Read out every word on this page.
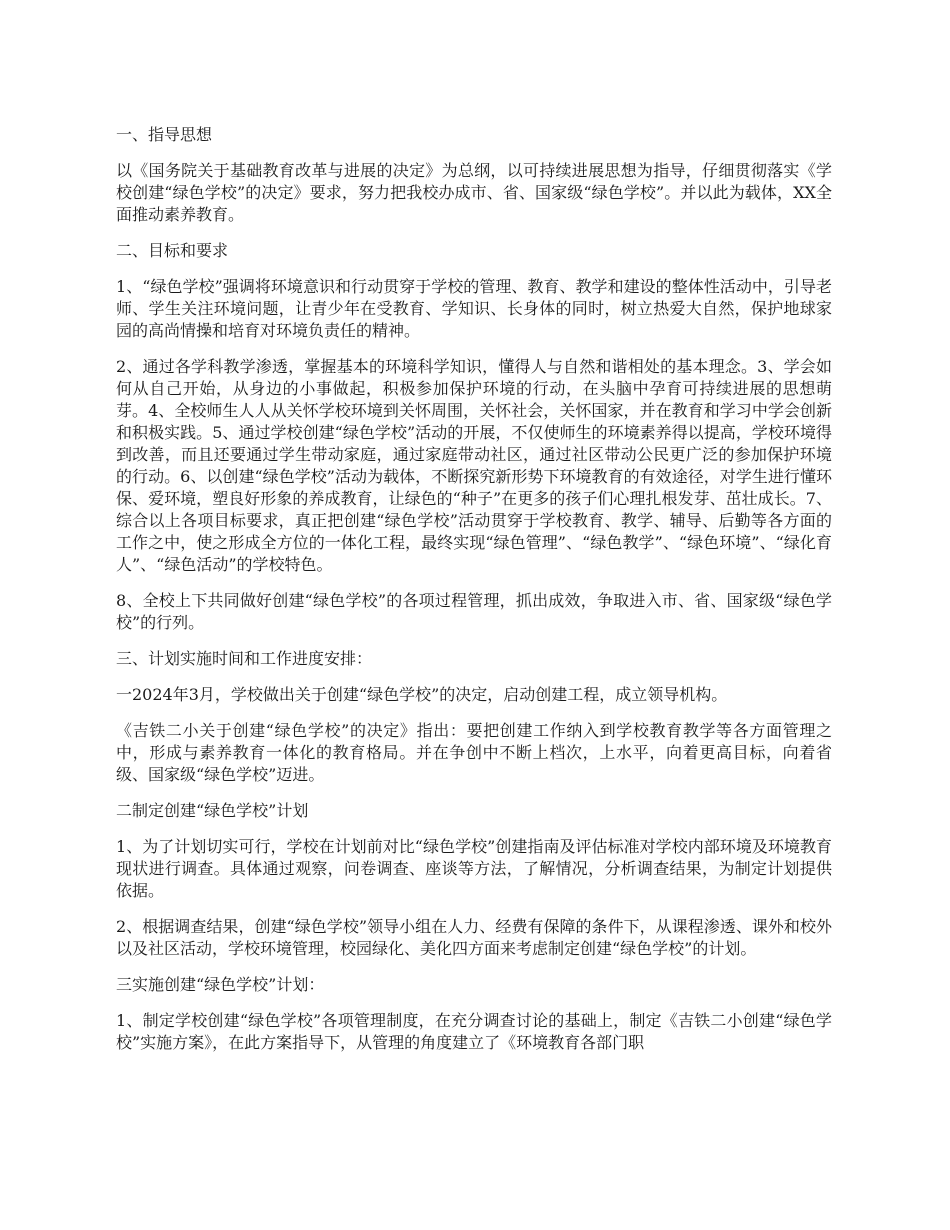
一、指导思想

以《国务院关于基础教育改革与进展的决定》为总纲，以可持续进展思想为指导，仔细贯彻落实《学校创建“绿色学校”的决定》要求，努力把我校办成市、省、国家级“绿色学校”。并以此为载体，XX全面推动素养教育。

二、目标和要求

1、“绿色学校”强调将环境意识和行动贯穿于学校的管理、教育、教学和建设的整体性活动中，引导老师、学生关注环境问题，让青少年在受教育、学知识、长身体的同时，树立热爱大自然，保护地球家园的高尚情操和培育对环境负责任的精神。

2、通过各学科教学渗透，掌握基本的环境科学知识，懂得人与自然和谐相处的基本理念。3、学会如何从自己开始，从身边的小事做起，积极参加保护环境的行动，在头脑中孕育可持续进展的思想萌芽。4、全校师生人人从关怀学校环境到关怀周围，关怀社会，关怀国家，并在教育和学习中学会创新和积极实践。5、通过学校创建“绿色学校”活动的开展，不仅使师生的环境素养得以提高，学校环境得到改善，而且还要通过学生带动家庭，通过家庭带动社区，通过社区带动公民更广泛的参加保护环境的行动。6、以创建“绿色学校”活动为载体，不断探究新形势下环境教育的有效途径，对学生进行懂环保、爱环境，塑良好形象的养成教育，让绿色的“种子”在更多的孩子们心理扎根发芽、茁壮成长。7、综合以上各项目标要求，真正把创建“绿色学校”活动贯穿于学校教育、教学、辅导、后勤等各方面的工作之中，使之形成全方位的一体化工程，最终实现“绿色管理”、“绿色教学”、“绿色环境”、“绿化育人”、“绿色活动”的学校特色。

8、全校上下共同做好创建“绿色学校”的各项过程管理，抓出成效，争取进入市、省、国家级“绿色学校”的行列。

三、计划实施时间和工作进度安排：

一2024年3月，学校做出关于创建“绿色学校”的决定，启动创建工程，成立领导机构。

《吉铁二小关于创建“绿色学校”的决定》指出：要把创建工作纳入到学校教育教学等各方面管理之中，形成与素养教育一体化的教育格局。并在争创中不断上档次，上水平，向着更高目标，向着省级、国家级“绿色学校”迈进。

二制定创建“绿色学校”计划

1、为了计划切实可行，学校在计划前对比“绿色学校”创建指南及评估标准对学校内部环境及环境教育现状进行调查。具体通过观察，问卷调查、座谈等方法，了解情况，分析调查结果，为制定计划提供依据。

2、根据调查结果，创建“绿色学校”领导小组在人力、经费有保障的条件下，从课程渗透、课外和校外以及社区活动，学校环境管理，校园绿化、美化四方面来考虑制定创建“绿色学校”的计划。

三实施创建“绿色学校”计划：

1、制定学校创建“绿色学校”各项管理制度，在充分调查讨论的基础上，制定《吉铁二小创建“绿色学校”实施方案》，在此方案指导下，从管理的角度建立了《环境教育各部门职
